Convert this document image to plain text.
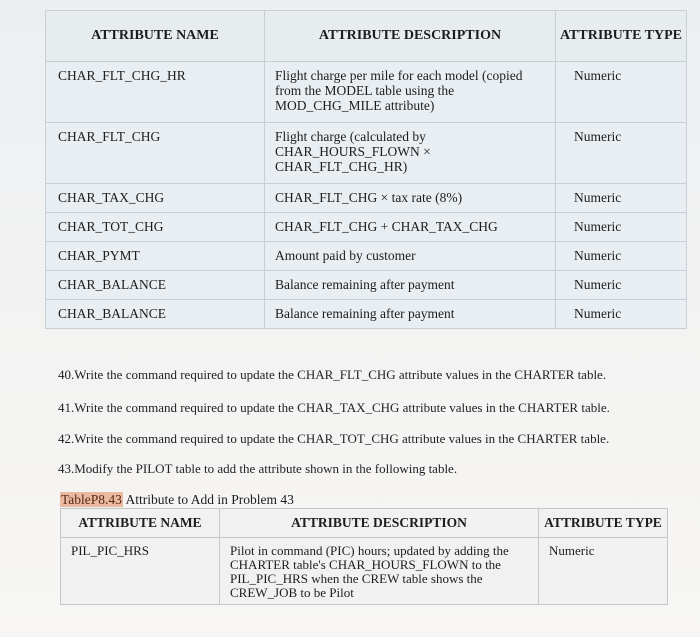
ATTRIBUTE NAME	ATTRIBUTE DESCRIPTION	ATTRIBUTE TYPE

CHAR_FLT_CHG_HR	Flight charge per mile for each model (copied from the MODEL table using the MOD_CHG_MILE attribute)	Numeric

CHAR_FLT_CHG	Flight charge (calculated by CHAR_HOURS_FLOWN × CHAR_FLT_CHG_HR)	Numeric

CHAR_TAX_CHG	CHAR_FLT_CHG × tax rate (8%)	Numeric

CHAR_TOT_CHG	CHAR_FLT_CHG + CHAR_TAX_CHG	Numeric

CHAR_PYMT	Amount paid by customer	Numeric

CHAR_BALANCE	Balance remaining after payment	Numeric

CHAR_BALANCE	Balance remaining after payment	Numeric
40.Write the command required to update the CHAR_FLT_CHG attribute values in the CHARTER table.
41.Write the command required to update the CHAR_TAX_CHG attribute values in the CHARTER table.
42.Write the command required to update the CHAR_TOT_CHG attribute values in the CHARTER table.
43.Modify the PILOT table to add the attribute shown in the following table.
TableP8.43 Attribute to Add in Problem 43
ATTRIBUTE NAME	ATTRIBUTE DESCRIPTION	ATTRIBUTE TYPE

PIL_PIC_HRS	Pilot in command (PIC) hours; updated by adding the CHARTER table's CHAR_HOURS_FLOWN to the PIL_PIC_HRS when the CREW table shows the CREW_JOB to be Pilot	Numeric
